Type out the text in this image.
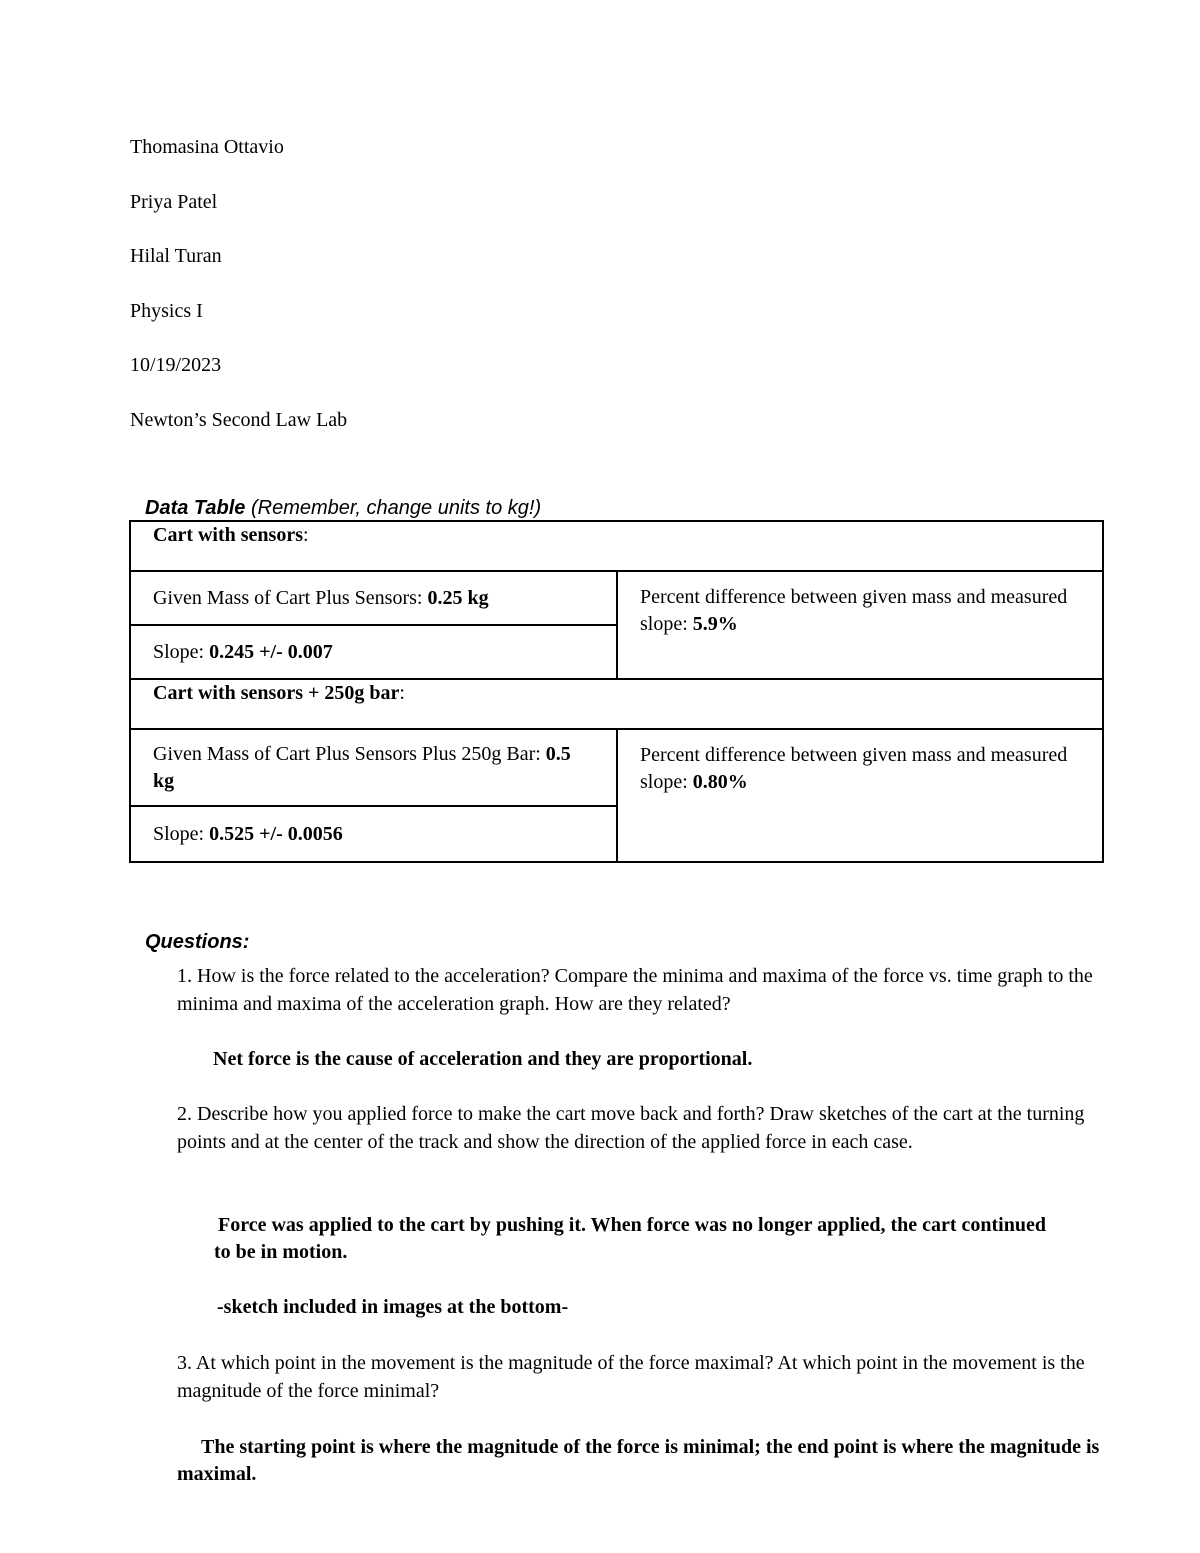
Thomasina Ottavio

Priya Patel

Hilal Turan

Physics I

10/19/2023

Newton’s Second Law Lab

Data Table (Remember, change units to kg!)

Cart with sensors:	
Given Mass of Cart Plus Sensors: 0.25 kg	Percent difference between given mass and measured slope: 5.9%
Slope: 0.245 +/- 0.007	
Cart with sensors + 250g bar:	
Given Mass of Cart Plus Sensors Plus 250g Bar: 0.5 kg	Percent difference between given mass and measured slope: 0.80%
Slope: 0.525 +/- 0.0056	

Questions:

1. How is the force related to the acceleration? Compare the minima and maxima of the force vs. time graph to the minima and maxima of the acceleration graph. How are they related?

Net force is the cause of acceleration and they are proportional.

2. Describe how you applied force to make the cart move back and forth? Draw sketches of the cart at the turning points and at the center of the track and show the direction of the applied force in each case.

Force was applied to the cart by pushing it. When force was no longer applied, the cart continued to be in motion.

-sketch included in images at the bottom-

3. At which point in the movement is the magnitude of the force maximal? At which point in the movement is the magnitude of the force minimal?

The starting point is where the magnitude of the force is minimal; the end point is where the magnitude is maximal.
